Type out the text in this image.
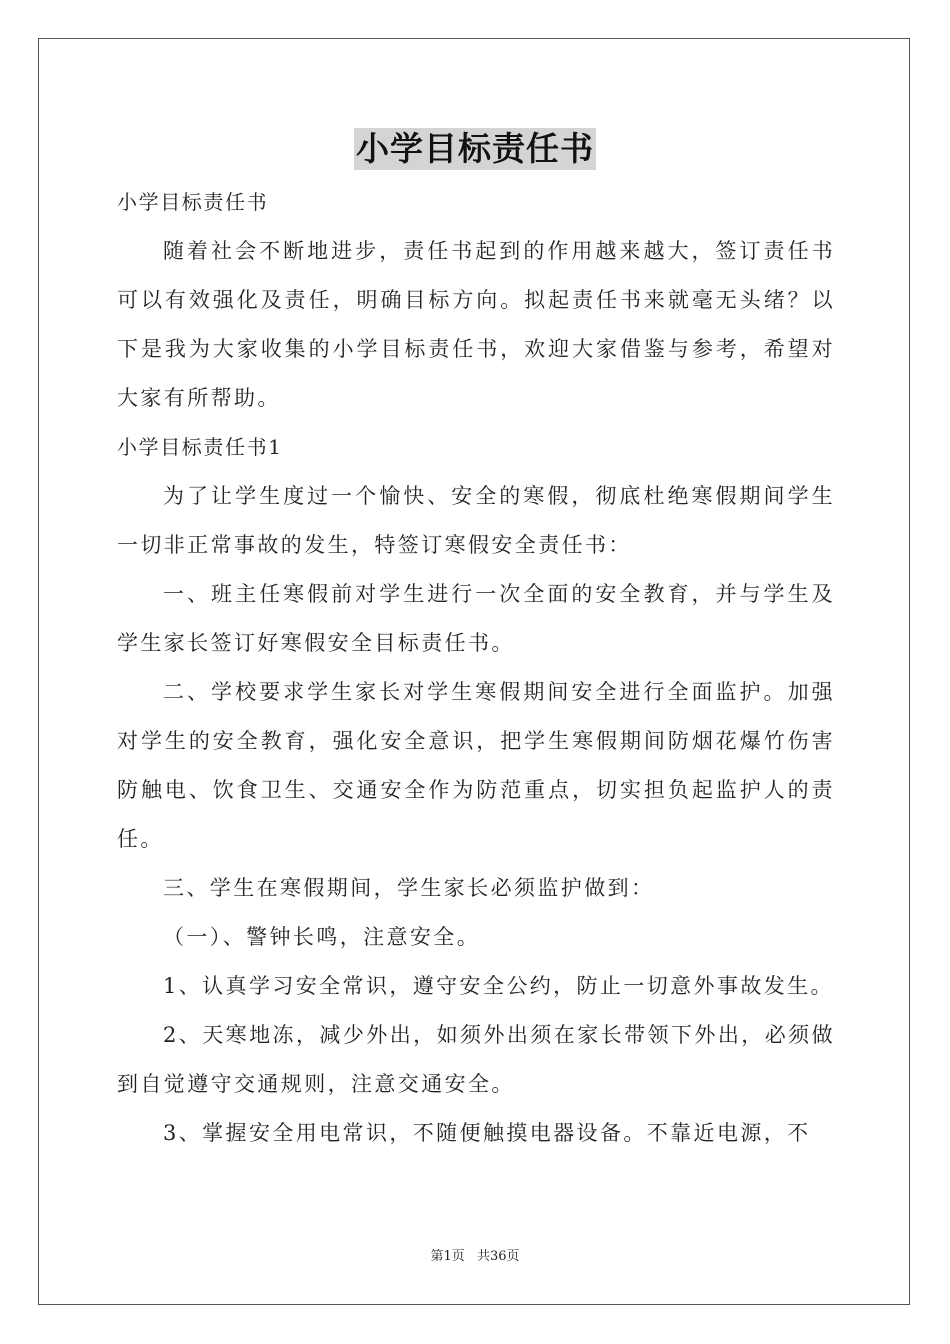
小学目标责任书

小学目标责任书

随着社会不断地进步，责任书起到的作用越来越大，签订责任书可以有效强化及责任，明确目标方向。拟起责任书来就毫无头绪？以下是我为大家收集的小学目标责任书，欢迎大家借鉴与参考，希望对大家有所帮助。

小学目标责任书1

为了让学生度过一个愉快、安全的寒假，彻底杜绝寒假期间学生一切非正常事故的发生，特签订寒假安全责任书：

一、班主任寒假前对学生进行一次全面的安全教育，并与学生及学生家长签订好寒假安全目标责任书。

二、学校要求学生家长对学生寒假期间安全进行全面监护。加强对学生的安全教育，强化安全意识，把学生寒假期间防烟花爆竹伤害防触电、饮食卫生、交通安全作为防范重点，切实担负起监护人的责任。

三、学生在寒假期间，学生家长必须监护做到：

（一）、警钟长鸣，注意安全。

1、认真学习安全常识，遵守安全公约，防止一切意外事故发生。

2、天寒地冻，减少外出，如须外出须在家长带领下外出，必须做到自觉遵守交通规则，注意交通安全。

3、掌握安全用电常识，不随便触摸电器设备。不靠近电源，不

第1页 共36页
